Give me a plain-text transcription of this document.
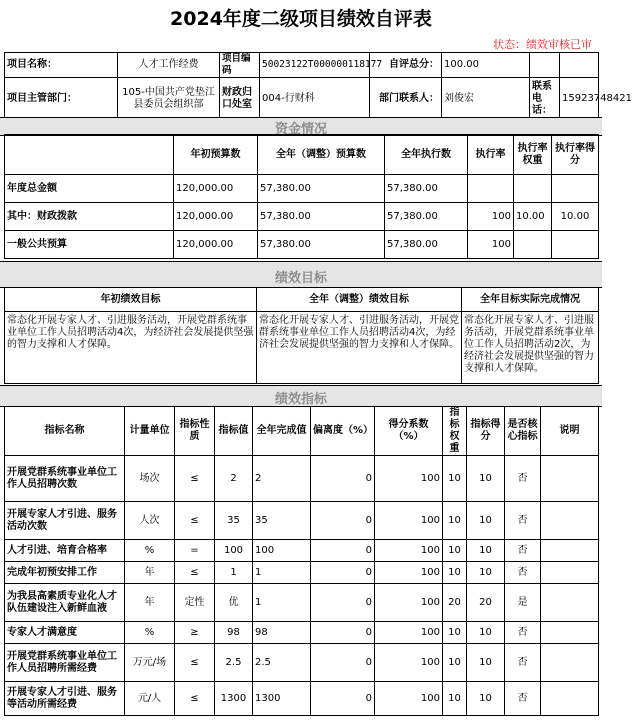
2024年度二级项目绩效自评表
状态：绩效审核已审
项目名称：	人才工作经费	项目编码	50023122T000000118177	自评总分：	100.00		
项目主管部门：	105-中国共产党垫江县委员会组织部	财政归口处室	004-行财科	部门联系人：	刘俊宏	联系电话：	15923748421
资金情况
	年初预算数	全年（调整）预算数	全年执行数	执行率	执行率权重	执行率得分
年度总金额	120,000.00	57,380.00	57,380.00			
其中：财政拨款	120,000.00	57,380.00	57,380.00	100	10.00	10.00
一般公共预算	120,000.00	57,380.00	57,380.00	100		
绩效目标
年初绩效目标	全年（调整）绩效目标	全年目标实际完成情况
常态化开展专家人才、引进服务活动，开展党群系统事业单位工作人员招聘活动4次，为经济社会发展提供坚强的智力支撑和人才保障。	常态化开展专家人才、引进服务活动，开展党群系统事业单位工作人员招聘活动4次，为经济社会发展提供坚强的智力支撑和人才保障。	常态化开展专家人才、引进服务活动，开展党群系统事业单位工作人员招聘活动2次，为经济社会发展提供坚强的智力支撑和人才保障。
绩效指标
指标名称	计量单位	指标性质	指标值	全年完成值	偏离度（%）	得分系数（%）	指标权重	指标得分	是否核心指标	说明
开展党群系统事业单位工作人员招聘次数	场次	≤	2	2	0	100	10	10	否	
开展专家人才引进、服务活动次数	人次	≤	35	35	0	100	10	10	否	
人才引进、培育合格率	%	=	100	100	0	100	10	10	否	
完成年初预安排工作	年	≤	1	1	0	100	10	10	否	
为我县高素质专业化人才队伍建设注入新鲜血液	年	定性	优	1	0	100	20	20	是	
专家人才满意度	%	≥	98	98	0	100	10	10	否	
开展党群系统事业单位工作人员招聘所需经费	万元/场	≤	2.5	2.5	0	100	10	10	否	
开展专家人才引进、服务等活动所需经费	元/人	≤	1300	1300	0	100	10	10	否	
